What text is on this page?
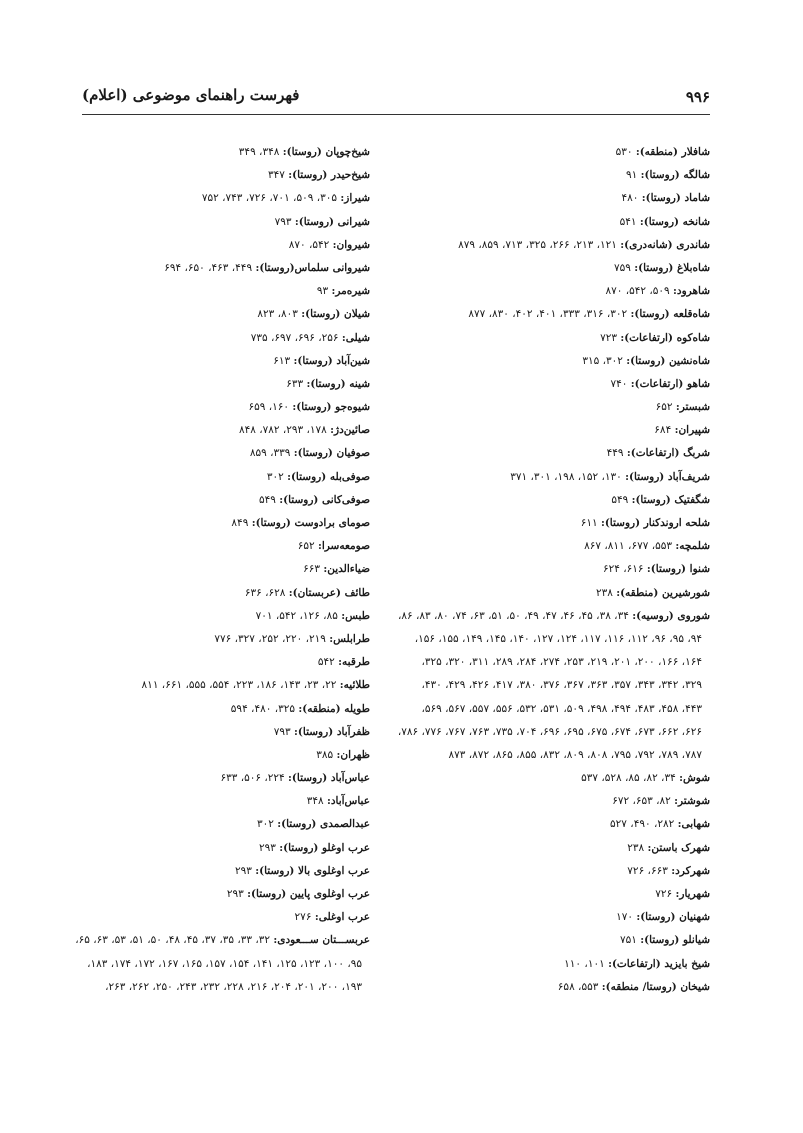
۹۹۶
فهرست راهنمای موضوعی (اعلام)
شافلار (منطقه): ۵۳۰
شالگه (روستا): ۹۱
شاماد (روستا): ۴۸۰
شانخه (روستا): ۵۴۱
شاندری (شانه‌دری): ۱۲۱، ۲۱۳، ۲۶۶، ۳۲۵، ۷۱۳، ۸۵۹، ۸۷۹
شاه‌بلاغ (روستا): ۷۵۹
شاهرود: ۵۰۹، ۵۴۲، ۸۷۰
شاه‌قلعه (روستا): ۳۰۲، ۳۱۶، ۳۳۳، ۴۰۱، ۴۰۲، ۸۳۰، ۸۷۷
شاه‌کوه (ارتفاعات): ۷۲۳
شاه‌نشین (روستا): ۳۰۲، ۳۱۵
شاهو (ارتفاعات): ۷۴۰
شبستر: ۶۵۲
شپیران: ۶۸۴
شربگ (ارتفاعات): ۴۴۹
شریف‌آباد (روستا): ۱۳۰، ۱۵۲، ۱۹۸، ۳۰۱، ۳۷۱
شگفتیک (روستا): ۵۴۹
شلحه اروندکنار (روستا): ۶۱۱
شلمچه: ۵۵۳، ۶۷۷، ۸۱۱، ۸۶۷
شنوا (روستا): ۶۱۶، ۶۲۴
شورشیرین (منطقه): ۲۳۸
شوروی (روسیه): ۳۴، ۳۸، ۴۵، ۴۶، ۴۷، ۴۹، ۵۰، ۵۱، ۶۳، ۷۴، ۸۰، ۸۳، ۸۶،
۹۴، ۹۵، ۹۶، ۱۱۲، ۱۱۶، ۱۱۷، ۱۲۴، ۱۲۷، ۱۴۰، ۱۴۵، ۱۴۹، ۱۵۵، ۱۵۶،
۱۶۴، ۱۶۶، ۲۰۰، ۲۰۱، ۲۱۹، ۲۵۳، ۲۷۴، ۲۸۴، ۲۸۹، ۳۱۱، ۳۲۰، ۳۲۵،
۳۲۹، ۳۴۲، ۳۴۳، ۳۵۷، ۳۶۳، ۳۶۷، ۳۷۶، ۳۸۰، ۴۱۷، ۴۲۶، ۴۲۹، ۴۳۰،
۴۴۳، ۴۵۸، ۴۸۳، ۴۹۴، ۴۹۸، ۵۰۹، ۵۳۱، ۵۳۲، ۵۵۶، ۵۵۷، ۵۶۷، ۵۶۹،
۶۲۶، ۶۶۲، ۶۷۳، ۶۷۴، ۶۷۵، ۶۹۵، ۶۹۶، ۷۰۴، ۷۳۵، ۷۶۳، ۷۶۷، ۷۷۶، ۷۸۶،
۷۸۷، ۷۸۹، ۷۹۲، ۷۹۵، ۸۰۸، ۸۰۹، ۸۳۲، ۸۵۵، ۸۶۵، ۸۷۲، ۸۷۳
شوش: ۳۴، ۸۲، ۸۵، ۵۲۸، ۵۳۷
شوشتر: ۸۲، ۶۵۳، ۶۷۲
شهابی: ۲۸۲، ۴۹۰، ۵۲۷
شهرک باستن: ۲۳۸
شهرکرد: ۶۶۳، ۷۲۶
شهریار: ۷۲۶
شهنیان (روستا): ۱۷۰
شیانلو (روستا): ۷۵۱
شیخ بایزید (ارتفاعات): ۱۰۱، ۱۱۰
شیخان (روستا/ منطقه): ۵۵۳، ۶۵۸
شیخ‌چوپان (روستا): ۳۴۸، ۳۴۹
شیخ‌حیدر (روستا): ۳۴۷
شیراز: ۳۰۵، ۵۰۹، ۷۰۱، ۷۲۶، ۷۴۳، ۷۵۲
شیرانی (روستا): ۷۹۳
شیروان: ۵۴۲، ۸۷۰
شیروانی سلماس(روستا): ۴۴۹، ۴۶۳، ۶۵۰، ۶۹۴
شیره‌مر: ۹۳
شیلان (روستا): ۸۰۳، ۸۲۳
شیلی: ۲۵۶، ۶۹۶، ۶۹۷، ۷۳۵
شین‌آباد (روستا): ۶۱۳
شینه (روستا): ۶۳۳
شیوه‌جو (روستا): ۱۶۰، ۶۵۹
صائین‌دژ: ۱۷۸، ۲۹۳، ۷۸۲، ۸۴۸
صوفیان (روستا): ۳۳۹، ۸۵۹
صوفی‌بله (روستا): ۳۰۲
صوفی‌کانی (روستا): ۵۴۹
صومای برادوست (روستا): ۸۴۹
صومعه‌سرا: ۶۵۲
ضیاءالدین: ۶۶۳
طائف (عربستان): ۶۲۸، ۶۳۶
طبس: ۸۵، ۱۲۶، ۵۴۲، ۷۰۱
طرابلس: ۲۱۹، ۲۲۰، ۲۵۲، ۳۲۷، ۷۷۶
طرقبه: ۵۴۲
طلائیه: ۲۲، ۲۳، ۱۴۳، ۱۸۶، ۲۲۳، ۵۵۴، ۵۵۵، ۶۶۱، ۸۱۱
طویله (منطقه): ۳۲۵، ۴۸۰، ۵۹۴
ظفرآباد (روستا): ۷۹۳
ظهران: ۳۸۵
عباس‌آباد (روستا): ۲۲۴، ۵۰۶، ۶۳۳
عباس‌آباد: ۳۴۸
عبدالصمدی (روستا): ۳۰۲
عرب اوغلو (روستا): ۲۹۳
عرب اوغلوی بالا (روستا): ۲۹۳
عرب اوغلوی پایین (روستا): ۲۹۳
عرب اوغلی: ۲۷۶
عربســـتان ســـعودی: ۳۲، ۳۳، ۳۵، ۳۷، ۴۵، ۴۸، ۵۰، ۵۱، ۵۳، ۶۳، ۶۵،
۹۵، ۱۰۰، ۱۲۳، ۱۲۵، ۱۴۱، ۱۵۴، ۱۵۷، ۱۶۵، ۱۶۷، ۱۷۲، ۱۷۴، ۱۸۳،
۱۹۳، ۲۰۰، ۲۰۱، ۲۰۴، ۲۱۶، ۲۲۸، ۲۳۲، ۲۴۳، ۲۵۰، ۲۶۲، ۲۶۳،
